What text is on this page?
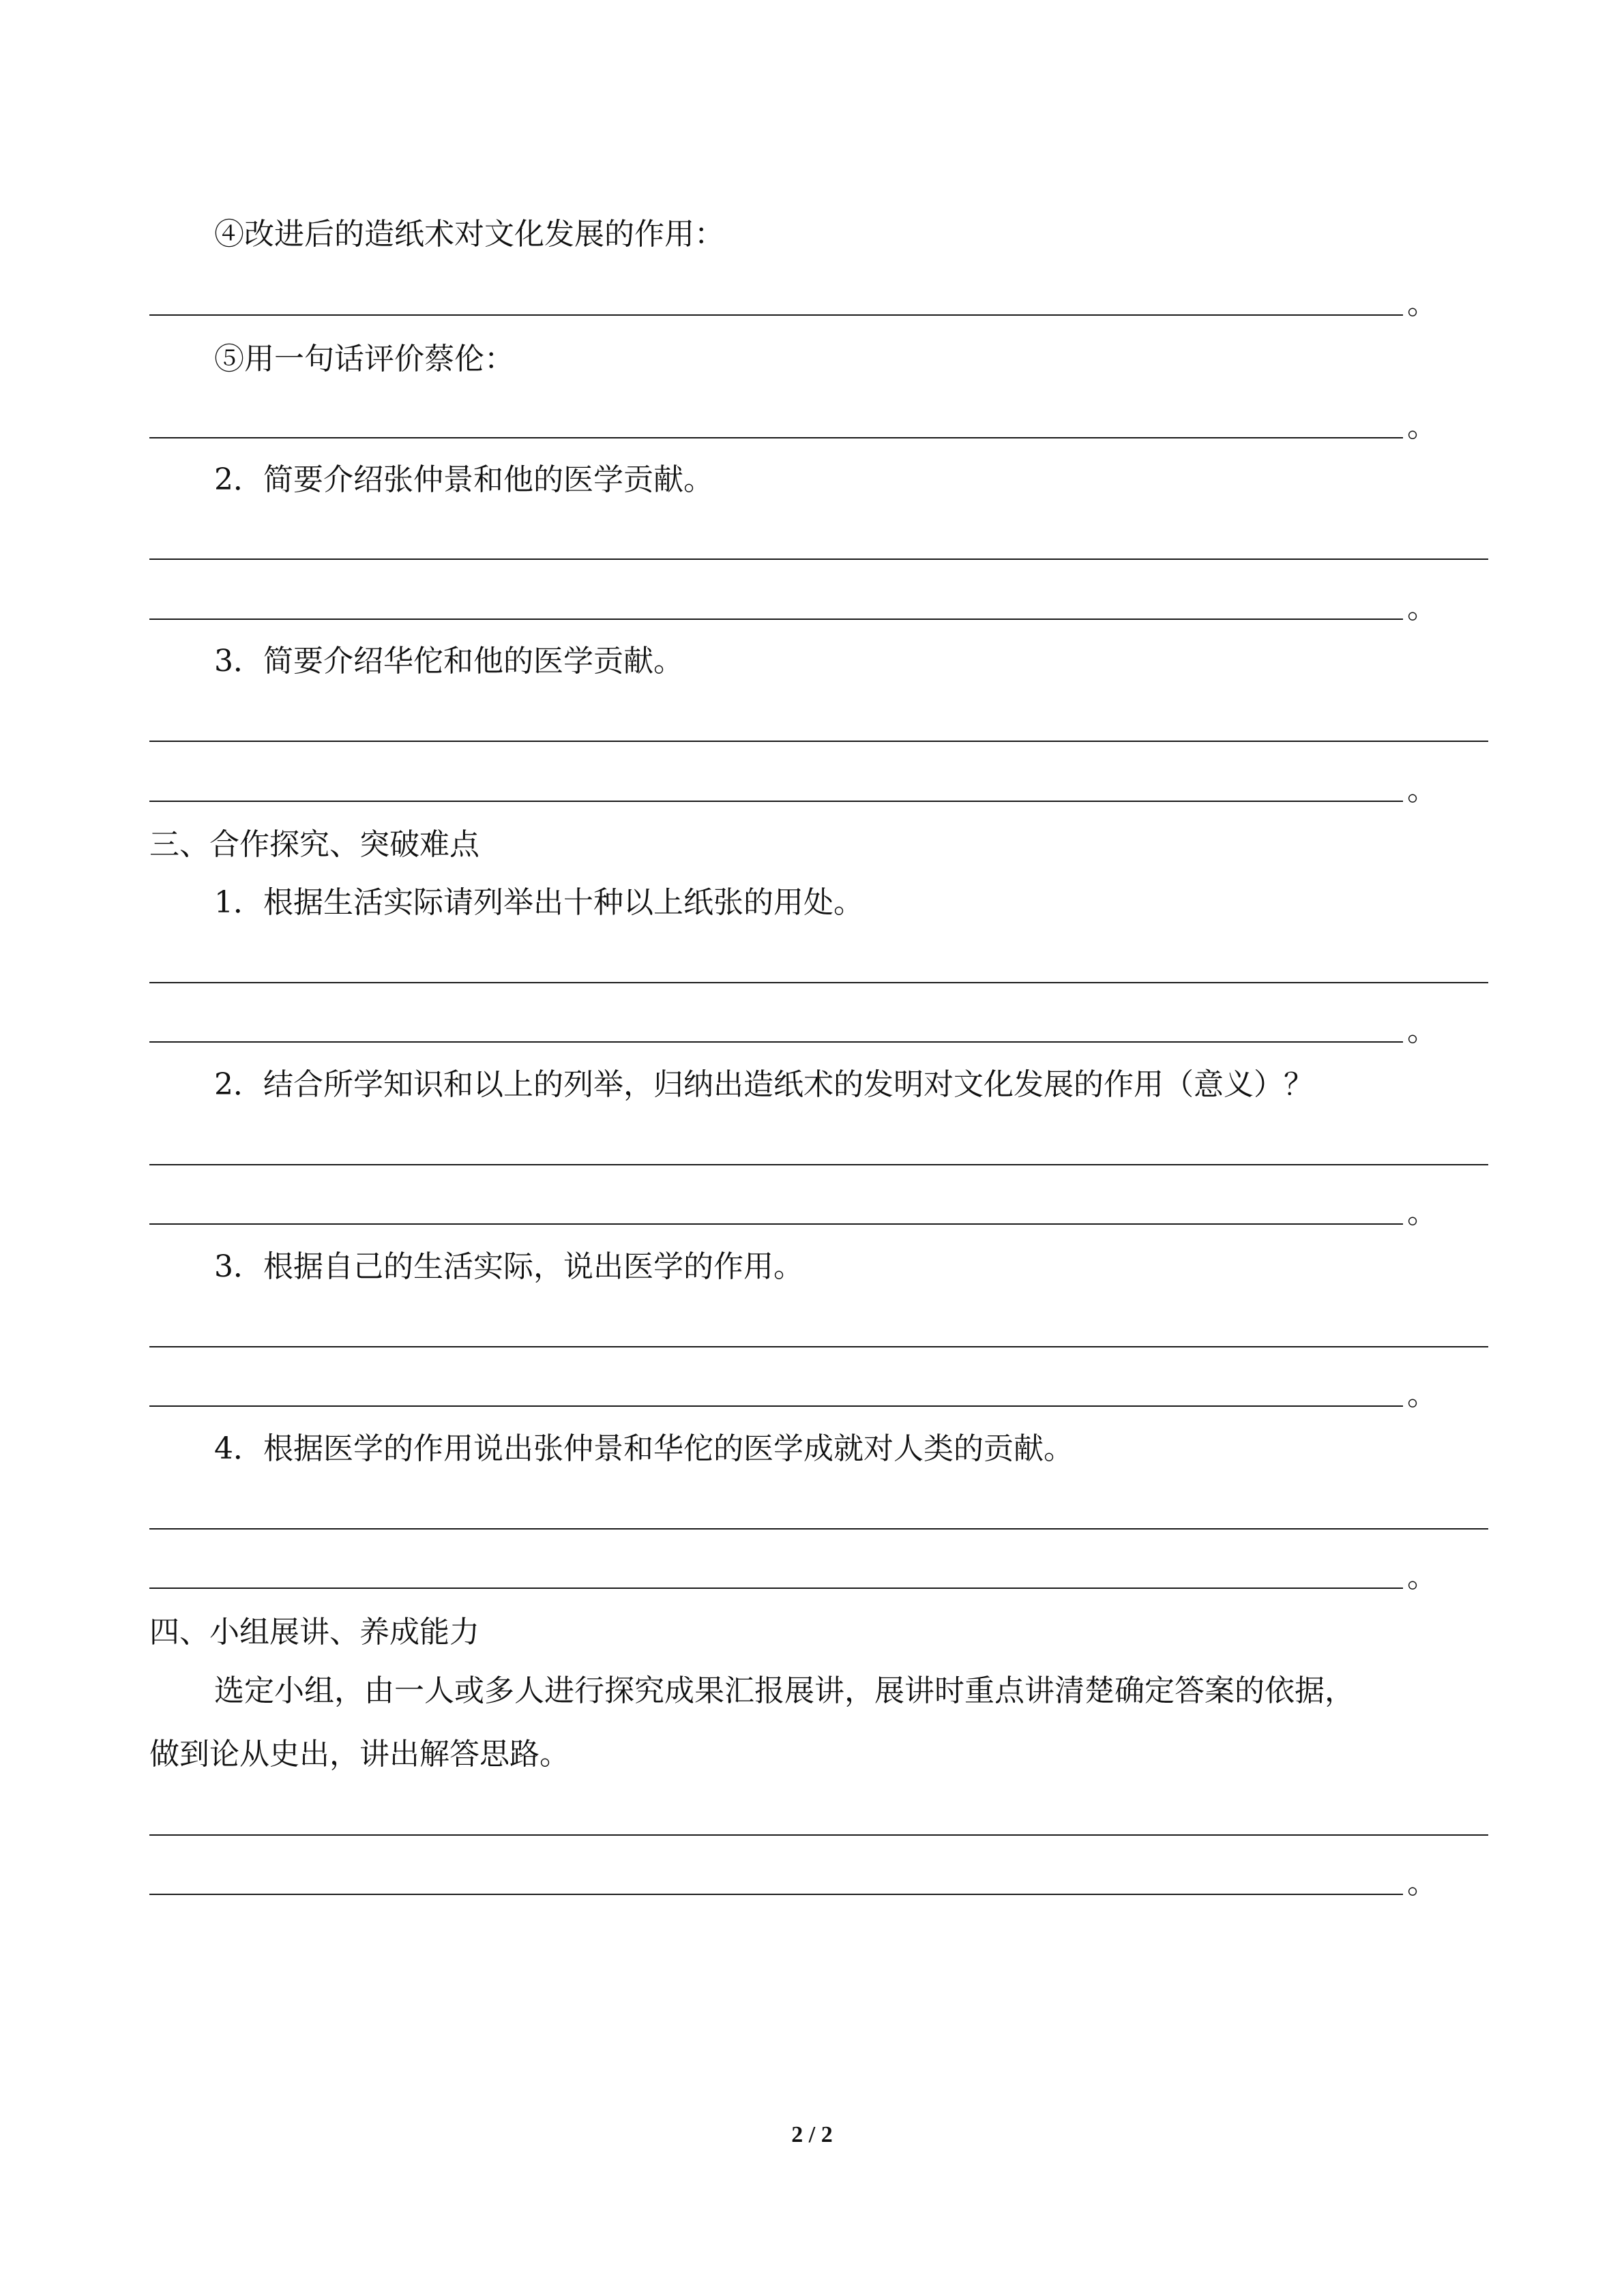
④改进后的造纸术对文化发展的作用：
。
⑤用一句话评价蔡伦：
。
2．简要介绍张仲景和他的医学贡献。
。
3．简要介绍华佗和他的医学贡献。
。
三、合作探究、突破难点
1．根据生活实际请列举出十种以上纸张的用处。
。
2．结合所学知识和以上的列举，归纳出造纸术的发明对文化发展的作用（意义）？
。
3．根据自己的生活实际，说出医学的作用。
。
4．根据医学的作用说出张仲景和华佗的医学成就对人类的贡献。
。
四、小组展讲、养成能力
选定小组，由一人或多人进行探究成果汇报展讲，展讲时重点讲清楚确定答案的依据，
做到论从史出，讲出解答思路。
。
2 / 2
